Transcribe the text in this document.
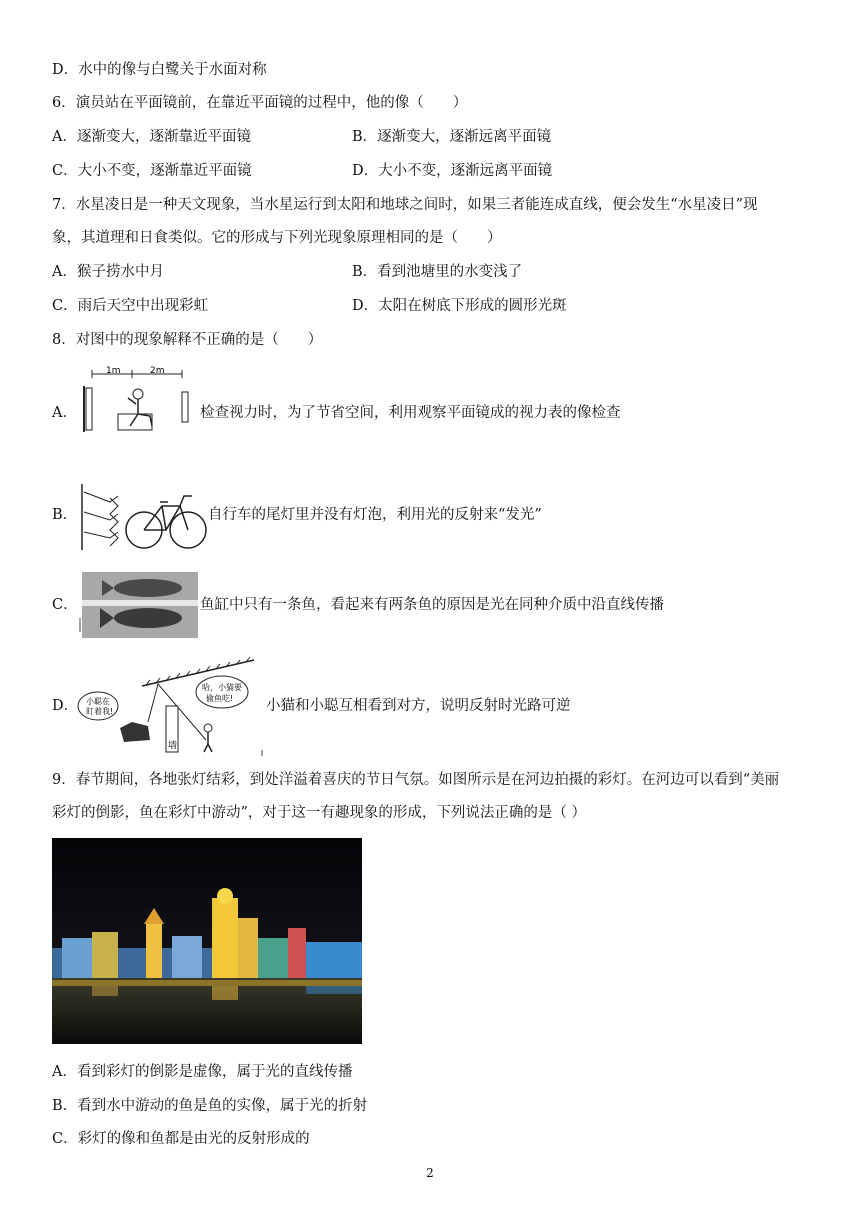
D．水中的像与白鹭关于水面对称
6．演员站在平面镜前，在靠近平面镜的过程中，他的像（　　）
A．逐渐变大，逐渐靠近平面镜	B．逐渐变大，逐渐远离平面镜
C．大小不变，逐渐靠近平面镜	D．大小不变，逐渐远离平面镜
7．水星凌日是一种天文现象，当水星运行到太阳和地球之间时，如果三者能连成直线，便会发生“水星凌日”现
象，其道理和日食类似。它的形成与下列光现象原理相同的是（　　）
A．猴子捞水中月	B．看到池塘里的水变浅了
C．雨后天空中出现彩虹	D．太阳在树底下形成的圆形光斑
8．对图中的现象解释不正确的是（　　）
A．
1m	2m
检查视力时，为了节省空间，利用观察平面镜成的视力表的像检查
B．	自行车的尾灯里并没有灯泡，利用光的反射来“发光”
C．	鱼缸中只有一条鱼，看起来有两条鱼的原因是光在同种介质中沿直线传播
D．
墙
小聪在
盯着我!
哈，小猫要
偷鱼吃! 小猫和小聪互相看到对方，说明反射时光路可逆
9．春节期间，各地张灯结彩，到处洋溢着喜庆的节日气氛。如图所示是在河边拍摄的彩灯。在河边可以看到“美丽
彩灯的倒影，鱼在彩灯中游动”，对于这一有趣现象的形成，下列说法正确的是（ ）
A．看到彩灯的倒影是虚像，属于光的直线传播
B．看到水中游动的鱼是鱼的实像，属于光的折射
C．彩灯的像和鱼都是由光的反射形成的
2
